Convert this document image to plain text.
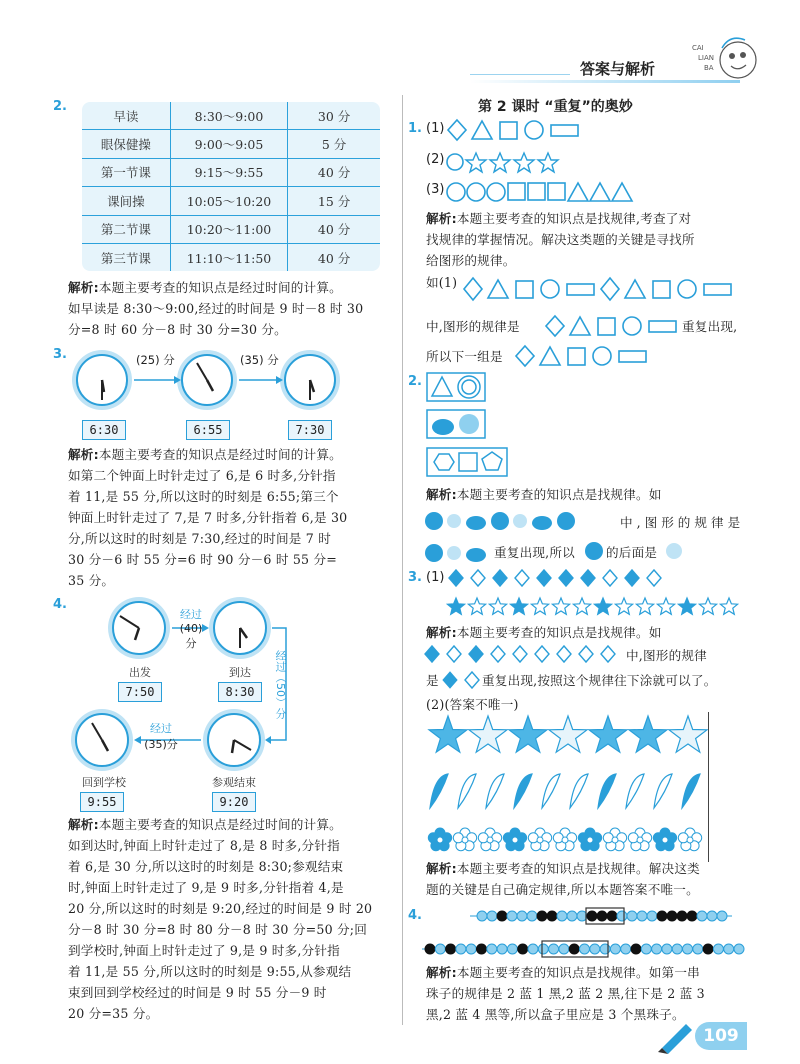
答案与解析
CAI
LIAN
BA
2.
早读	8:30～9:00	30 分
眼保健操	9:00～9:05	5 分
第一节课	9:15～9:55	40 分
课间操	10:05～10:20	15 分
第二节课	10:20～11:00	40 分
第三节课	11:10～11:50	40 分
解析:本题主要考查的知识点是经过时间的计算。
如早读是 8:30～9:00,经过的时间是 9 时－8 时 30
分=8 时 60 分－8 时 30 分=30 分。
3.	(25) 分	(35) 分
6:30	6:55	7:30
解析:本题主要考查的知识点是经过时间的计算。
如第二个钟面上时针走过了 6,是 6 时多,分针指
着 11,是 55 分,所以这时的时刻是 6:55;第三个
钟面上时针走过了 7,是 7 时多,分针指着 6,是 30
分,所以这时的时刻是 7:30,经过的时间是 7 时
30 分－6 时 55 分=6 时 90 分－6 时 55 分=
35 分。
4.
经过
(40)分
经过（50）分
经过
(35)分
出发	到达
7:50	8:30
回到学校	参观结束
9:55	9:20
解析:本题主要考查的知识点是经过时间的计算。
如到达时,钟面上时针走过了 8,是 8 时多,分针指
着 6,是 30 分,所以这时的时刻是 8:30;参观结束
时,钟面上时针走过了 9,是 9 时多,分针指着 4,是
20 分,所以这时的时刻是 9:20,经过的时间是 9 时 20
分－8 时 30 分=8 时 80 分－8 时 30 分=50 分;回
到学校时,钟面上时针走过了 9,是 9 时多,分针指
着 11,是 55 分,所以这时的时刻是 9:55,从参观结
束到回到学校经过的时间是 9 时 55 分－9 时
20 分=35 分。
第 2 课时 “重复”的奥妙
1. (1)
(2)
(3)
解析:本题主要考查的知识点是找规律,考查了对
找规律的掌握情况。解决这类题的关键是寻找所
给图形的规律。
如(1)
中,图形的规律是	重复出现,
所以下一组是
2.
解析:本题主要考查的知识点是找规律。如
中,图形的规律是
重复出现,所以 的后面是
3. (1)
解析:本题主要考查的知识点是找规律。如
中,图形的规律
是	重复出现,按照这个规律往下涂就可以了。
(2)(答案不唯一)
解析:本题主要考查的知识点是找规律。解决这类
题的关键是自己确定规律,所以本题答案不唯一。
4.
解析:本题主要考查的知识点是找规律。如第一串
珠子的规律是 2 蓝 1 黑,2 蓝 2 黑,往下是 2 蓝 3
黑,2 蓝 4 黑等,所以盒子里应是 3 个黑珠子。
109
